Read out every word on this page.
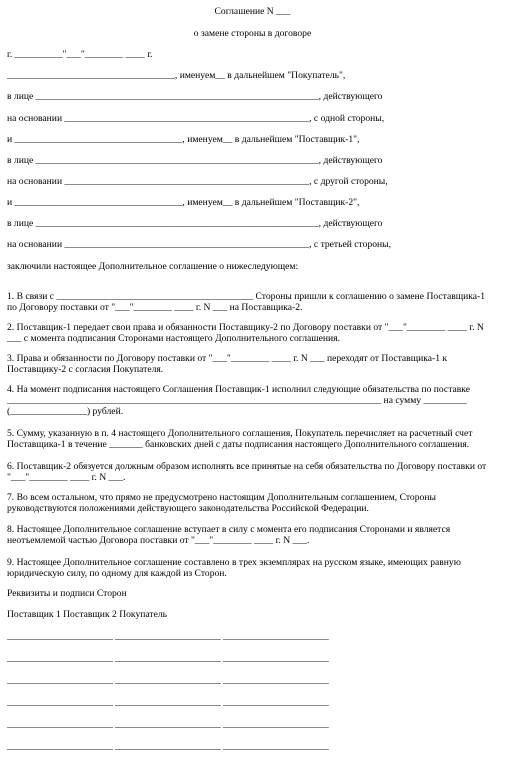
Соглашение N ___
о замене стороны в договоре
г. __________"___"________ ____ г.
___________________________________, именуем__ в дальнейшем "Покупатель",
в лице ___________________________________________________________, действующего
на основании ___________________________________________________, с одной стороны,
и ___________________________________, именуем__ в дальнейшем "Поставщик-1",
в лице ___________________________________________________________, действующего
на основании ___________________________________________________, с другой стороны,
и ___________________________________, именуем__ в дальнейшем "Поставщик-2",
в лице ___________________________________________________________, действующего
на основании ___________________________________________________, с третьей стороны,
заключили настоящее Дополнительное соглашение о нижеследующем:
1. В связи с _________________________________________ Стороны пришли к соглашению о замене Поставщика-1 по Договору поставки от "___"________ ____ г. N ___ на Поставщика-2.
2. Поставщик-1 передает свои права и обязанности Поставщику-2 по Договору поставки от "___"________ ____ г. N ___ с момента подписания Сторонами настоящего Дополнительного соглашения.
3. Права и обязанности по Договору поставки от "___"________ ____ г. N ___ переходят от Поставщика-1 к Поставщику-2 с согласия Покупателя.
4. На момент подписания настоящего Соглашения Поставщик-1 исполнил следующие обязательства по поставке ______________________________________________________________________________ на сумму _________ (________________) рублей.
5. Сумму, указанную в п. 4 настоящего Дополнительного соглашения, Покупатель перечисляет на расчетный счет Поставщика-1 в течение _______ банковских дней с даты подписания настоящего Дополнительного соглашения.
6. Поставщик-2 обязуется должным образом исполнять все принятые на себя обязательства по Договору поставки от "___"________ ____ г. N ___.
7. Во всем остальном, что прямо не предусмотрено настоящим Дополнительным соглашением, Стороны руководствуются положениями действующего законодательства Российской Федерации.
8. Настоящее Дополнительное соглашение вступает в силу с момента его подписания Сторонами и является неотъемлемой частью Договора поставки от "___"________ ____ г. N ___.
9. Настоящее Дополнительное соглашение составлено в трех экземплярах на русском языке, имеющих равную юридическую силу, по одному для каждой из Сторон.
Реквизиты и подписи Сторон
Поставщик 1 Поставщик 2 Покупатель
_______________________ _______________________ _______________________
_______________________ _______________________ _______________________
_______________________ _______________________ _______________________
_______________________ _______________________ _______________________
_______________________ _______________________ _______________________
_______________________ _______________________ _______________________
